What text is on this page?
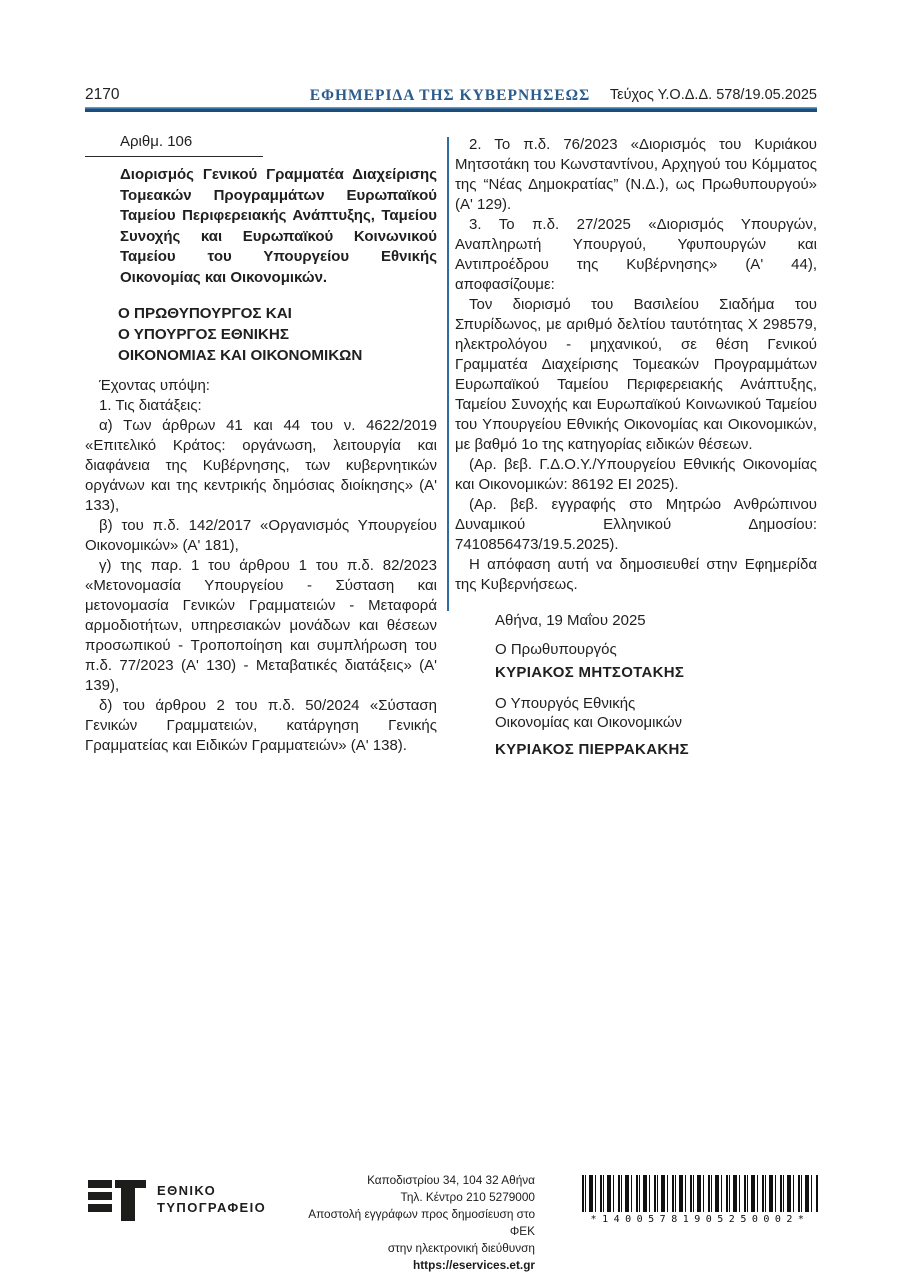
2170	ΕΦΗΜΕΡΙΔΑ ΤΗΣ ΚΥΒΕΡΝΗΣΕΩΣ	Τεύχος Υ.Ο.Δ.Δ. 578/19.05.2025
Αριθμ. 106
Διορισμός Γενικού Γραμματέα Διαχείρισης Τομεακών Προγραμμάτων Ευρωπαϊκού Ταμείου Περιφερειακής Ανάπτυξης, Ταμείου Συνοχής και Ευρωπαϊκού Κοινωνικού Ταμείου του Υπουργείου Εθνικής Οικονομίας και Οικονομικών.
Ο ΠΡΩΘΥΠΟΥΡΓΟΣ ΚΑΙ
Ο ΥΠΟΥΡΓΟΣ ΕΘΝΙΚΗΣ
ΟΙΚΟΝΟΜΙΑΣ ΚΑΙ ΟΙΚΟΝΟΜΙΚΩΝ

Έχοντας υπόψη:

1. Τις διατάξεις:

α) Των άρθρων 41 και 44 του ν. 4622/2019 «Επιτελικό Κράτος: οργάνωση, λειτουργία και διαφάνεια της Κυβέρνησης, των κυβερνητικών οργάνων και της κεντρικής δημόσιας διοίκησης» (Α' 133),

β) του π.δ. 142/2017 «Οργανισμός Υπουργείου Οικονομικών» (Α' 181),

γ) της παρ. 1 του άρθρου 1 του π.δ. 82/2023 «Μετονομασία Υπουργείου - Σύσταση και μετονομασία Γενικών Γραμματειών - Μεταφορά αρμοδιοτήτων, υπηρεσιακών μονάδων και θέσεων προσωπικού - Τροποποίηση και συμπλήρωση του π.δ. 77/2023 (Α' 130) - Μεταβατικές διατάξεις» (Α' 139),

δ) του άρθρου 2 του π.δ. 50/2024 «Σύσταση Γενικών Γραμματειών, κατάργηση Γενικής Γραμματείας και Ειδικών Γραμματειών» (Α' 138).

2. Το π.δ. 76/2023 «Διορισμός του Κυριάκου Μητσοτάκη του Κωνσταντίνου, Αρχηγού του Κόμματος της “Νέας Δημοκρατίας” (Ν.Δ.), ως Πρωθυπουργού» (Α' 129).

3. Το π.δ. 27/2025 «Διορισμός Υπουργών, Αναπληρωτή Υπουργού, Υφυπουργών και Αντιπροέδρου της Κυβέρνησης» (Α' 44), αποφασίζουμε:

Τον διορισμό του Βασιλείου Σιαδήμα του Σπυρίδωνος, με αριθμό δελτίου ταυτότητας Χ 298579, ηλεκτρολόγου - μηχανικού, σε θέση Γενικού Γραμματέα Διαχείρισης Τομεακών Προγραμμάτων Ευρωπαϊκού Ταμείου Περιφερειακής Ανάπτυξης, Ταμείου Συνοχής και Ευρωπαϊκού Κοινωνικού Ταμείου του Υπουργείου Εθνικής Οικονομίας και Οικονομικών, με βαθμό 1ο της κατηγορίας ειδικών θέσεων.

(Αρ. βεβ. Γ.Δ.Ο.Υ./Υπουργείου Εθνικής Οικονομίας και Οικονομικών: 86192 ΕΙ 2025).

(Αρ. βεβ. εγγραφής στο Μητρώο Ανθρώπινου Δυναμικού Ελληνικού Δημοσίου: 7410856473/19.5.2025).

Η απόφαση αυτή να δημοσιευθεί στην Εφημερίδα της Κυβερνήσεως.

Αθήνα, 19 Μαΐου 2025
Ο Πρωθυπουργός
ΚΥΡΙΑΚΟΣ ΜΗΤΣΟΤΑΚΗΣ
Ο Υπουργός Εθνικής
Οικονομίας και Οικονομικών
ΚΥΡΙΑΚΟΣ ΠΙΕΡΡΑΚΑΚΗΣ
ΕΘΝΙΚΟ
ΤΥΠΟΓΡΑΦΕΙΟ
Καποδιστρίου 34, 104 32 Αθήνα
Τηλ. Κέντρο 210 5279000
Αποστολή εγγράφων προς δημοσίευση στο ΦΕΚ
στην ηλεκτρονική διεύθυνση https://eservices.et.gr
*14005781905250002*
